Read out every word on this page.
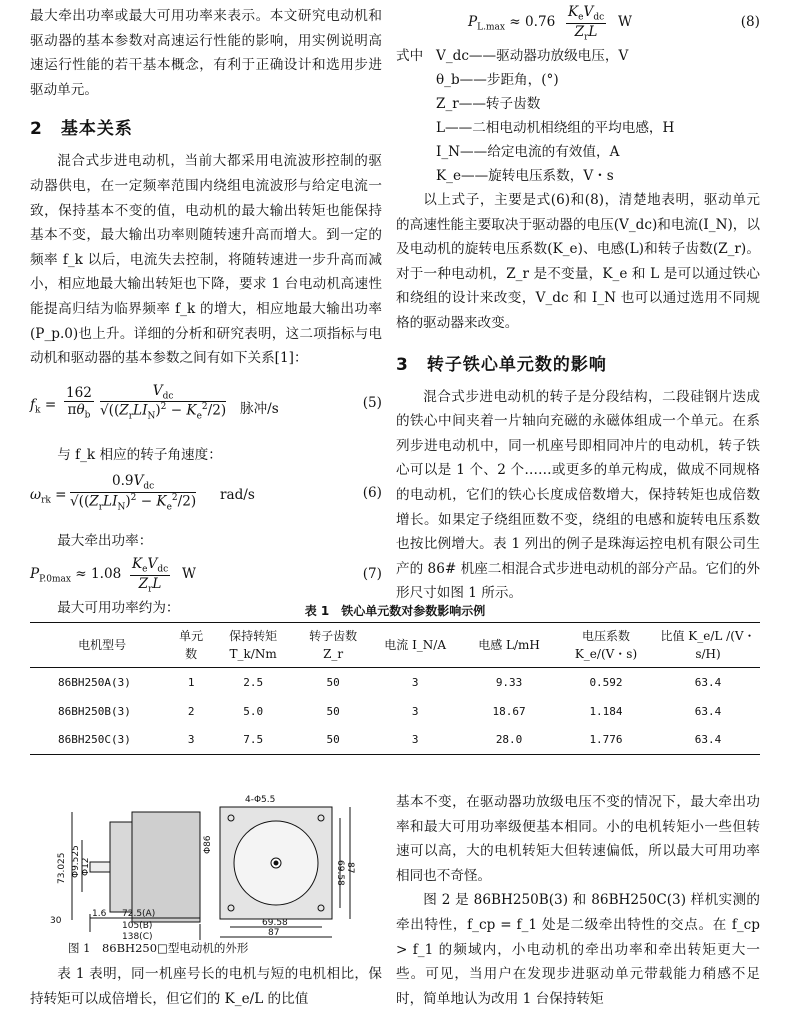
最大牵出功率或最大可用功率来表示。本文研究电动机和驱动器的基本参数对高速运行性能的影响，用实例说明高速运行性能的若干基本概念，有利于正确设计和选用步进驱动单元。

2 基本关系

混合式步进电动机，当前大都采用电流波形控制的驱动器供电，在一定频率范围内绕组电流波形与给定电流一致，保持基本不变的值，电动机的最大输出转矩也能保持基本不变，最大输出功率则随转速升高而增大。到一定的频率 f_k 以后，电流失去控制，将随转速进一步升高而减小，相应地最大输出转矩也下降，要求 1 台电动机高速性能提高归结为临界频率 f_k 的增大，相应地最大输出功率(P_p.0)也上升。详细的分析和研究表明，这二项指标与电动机和驱动器的基本参数之间有如下关系[1]：

$f_k$ =
162
$\pi\theta_b$
$V_{dc}$
$√((Z_rLI_N)^2 - K_e^2/2)$ 脉冲/s	(5)

与 f_k 相应的转子角速度：

$\omega_{rk}$ =
$0.9V_{dc}$
$√((Z_rLI_N)^2 - K_e^2/2)$ rad/s	(6)

最大牵出功率：

$P_{P.0max} \approx 1.08$
$K_eV_{dc}$
$Z_rL$
W	(7)

最大可用功率约为：

$P_{L.max} \approx 0.76$
$K_eV_{dc}$
$Z_rL$
W	(8)
式中 V_dc——驱动器功放级电压，V
θ_b——步距角，(°)
Z_r——转子齿数
L——二相电动机相绕组的平均电感，H
I_N——给定电流的有效值，A
K_e——旋转电压系数，V・s

以上式子，主要是式(6)和(8)，清楚地表明，驱动单元的高速性能主要取决于驱动器的电压(V_dc)和电流(I_N)，以及电动机的旋转电压系数(K_e)、电感(L)和转子齿数(Z_r)。对于一种电动机，Z_r 是不变量，K_e 和 L 是可以通过铁心和绕组的设计来改变，V_dc 和 I_N 也可以通过选用不同规格的驱动器来改变。

3 转子铁心单元数的影响

混合式步进电动机的转子是分段结构，二段硅钢片迭成的铁心中间夹着一片轴向充磁的永磁体组成一个单元。在系列步进电动机中，同一机座号即相同冲片的电动机，转子铁心可以是 1 个、2 个……或更多的单元构成，做成不同规格的电动机，它们的铁心长度成倍数增大，保持转矩也成倍数增长。如果定子绕组匝数不变，绕组的电感和旋转电压系数也按比例增大。表 1 列出的例子是珠海运控电机有限公司生产的 86# 机座二相混合式步进电动机的部分产品。它们的外形尺寸如图 1 所示。

表 1　铁心单元数对参数影响示例
电机型号	单元数	保持转矩 T_k/Nm	转子齿数 Z_r	电流 I_N/A	电感 L/mH	电压系数 K_e/(V・s)	比值 K_e/L /(V・s/H)
86BH250A(3)	1	2.5	50	3	9.33	0.592	63.4
86BH250B(3)	2	5.0	50	3	18.67	1.184	63.4
86BH250C(3)	3	7.5	50	3	28.0	1.776	63.4
4-Φ5.5
Φ86
69.58 87
73.025 Φ9.525 Φ12
30
1.6 72.5(A)
105(B)
138(C)
69.58
87
图 1　86BH250□型电动机的外形

表 1 表明，同一机座号长的电机与短的电机相比，保持转矩可以成倍增长，但它们的 K_e/L 的比值

基本不变，在驱动器功放级电压不变的情况下，最大牵出功率和最大可用功率级便基本相同。小的电机转矩小一些但转速可以高，大的电机转矩大但转速偏低，所以最大可用功率相同也不奇怪。

图 2 是 86BH250B(3) 和 86BH250C(3) 样机实测的牵出特性，f_cp = f_1 处是二级牵出特性的交点。在 f_cp > f_1 的频域内，小电动机的牵出功率和牵出转矩更大一些。可见，当用户在发现步进驱动单元带载能力稍感不足时，简单地认为改用 1 台保持转矩
